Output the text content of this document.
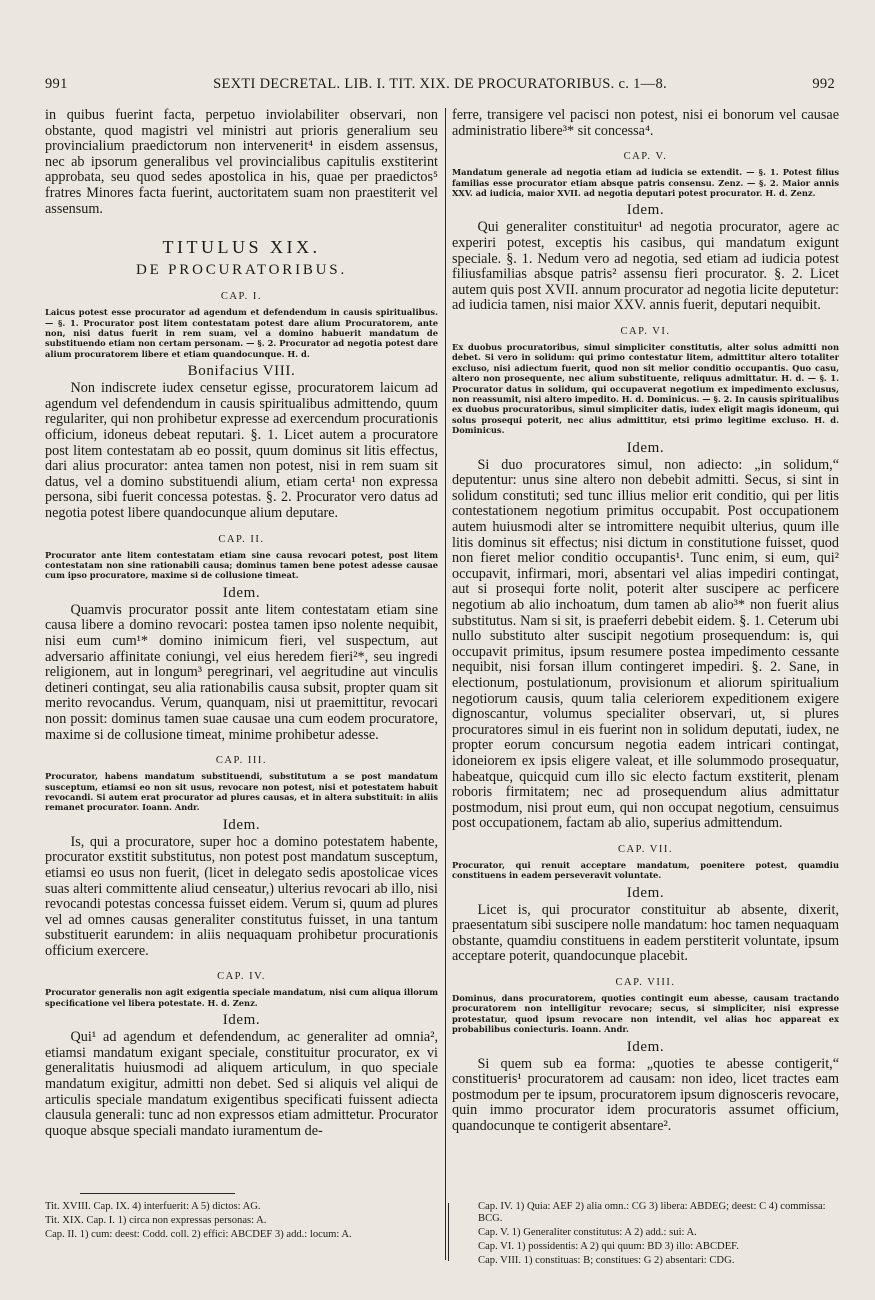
991	SEXTI DECRETAL. LIB. I. TIT. XIX. DE PROCURATORIBUS. c. 1—8.	992

in quibus fuerint facta, perpetuo inviolabiliter observari, non obstante, quod magistri vel ministri aut prioris generalium seu provincialium praedictorum non intervenerit⁴ in eisdem assensus, nec ab ipsorum generalibus vel provincialibus capitulis exstiterint approbata, seu quod sedes apostolica in his, quae per praedictos⁵ fratres Minores facta fuerint, auctoritatem suam non praestiterit vel assensum.

TITULUS XIX.
DE PROCURATORIBUS.
CAP. I.

Laicus potest esse procurator ad agendum et defendendum in causis spiritualibus. — §. 1. Procurator post litem contestatam potest dare alium Procuratorem, ante non, nisi datus fuerit in rem suam, vel a domino habuerit mandatum de substituendo etiam non certam personam. — §. 2. Procurator ad negotia potest dare alium procuratorem libere et etiam quandocunque. H. d.

Bonifacius VIII.

Non indiscrete iudex censetur egisse, procuratorem laicum ad agendum vel defendendum in causis spiritualibus admittendo, quum regulariter, qui non prohibetur expresse ad exercendum procurationis officium, idoneus debeat reputari. §. 1. Licet autem a procuratore post litem contestatam ab eo possit, quum dominus sit litis effectus, dari alius procurator: antea tamen non potest, nisi in rem suam sit datus, vel a domino substituendi alium, etiam certa¹ non expressa persona, sibi fuerit concessa potestas. §. 2. Procurator vero datus ad negotia potest libere quandocunque alium deputare.

CAP. II.

Procurator ante litem contestatam etiam sine causa revocari potest, post litem contestatam non sine rationabili causa; dominus tamen bene potest adesse causae cum ipso procuratore, maxime si de collusione timeat.

Idem.

Quamvis procurator possit ante litem contestatam etiam sine causa libere a domino revocari: postea tamen ipso nolente nequibit, nisi eum cum¹* domino inimicum fieri, vel suspectum, aut adversario affinitate coniungi, vel eius heredem fieri²*, seu ingredi religionem, aut in longum³ peregrinari, vel aegritudine aut vinculis detineri contingat, seu alia rationabilis causa subsit, propter quam sit merito revocandus. Verum, quanquam, nisi ut praemittitur, revocari non possit: dominus tamen suae causae una cum eodem procuratore, maxime si de collusione timeat, minime prohibetur adesse.

CAP. III.

Procurator, habens mandatum substituendi, substitutum a se post mandatum susceptum, etiamsi eo non sit usus, revocare non potest, nisi et potestatem habuit revocandi. Si autem erat procurator ad plures causas, et in altera substituit: in aliis remanet procurator. Ioann. Andr.

Idem.

Is, qui a procuratore, super hoc a domino potestatem habente, procurator exstitit substitutus, non potest post mandatum susceptum, etiamsi eo usus non fuerit, (licet in delegato sedis apostolicae vices suas alteri committente aliud censeatur,) ulterius revocari ab illo, nisi revocandi potestas concessa fuisset eidem. Verum si, quum ad plures vel ad omnes causas generaliter constitutus fuisset, in una tantum substituerit earundem: in aliis nequaquam prohibetur procurationis officium exercere.

CAP. IV.

Procurator generalis non agit exigentia speciale mandatum, nisi cum aliqua illorum specificatione vel libera potestate. H. d. Zenz.

Idem.

Qui¹ ad agendum et defendendum, ac generaliter ad omnia², etiamsi mandatum exigant speciale, constituitur procurator, ex vi generalitatis huiusmodi ad aliquem articulum, in quo speciale mandatum exigitur, admitti non debet. Sed si aliquis vel aliqui de articulis speciale mandatum exigentibus specificati fuissent adiecta clausula generali: tunc ad non expressos etiam admittetur. Procurator quoque absque speciali mandato iuramentum de-

ferre, transigere vel pacisci non potest, nisi ei bonorum vel causae administratio libere³* sit concessa⁴.

CAP. V.

Mandatum generale ad negotia etiam ad iudicia se extendit. — §. 1. Potest filius familias esse procurator etiam absque patris consensu. Zenz. — §. 2. Maior annis XXV. ad iudicia, maior XVII. ad negotia deputari potest procurator. H. d. Zenz.

Idem.

Qui generaliter constituitur¹ ad negotia procurator, agere ac experiri potest, exceptis his casibus, qui mandatum exigunt speciale. §. 1. Nedum vero ad negotia, sed etiam ad iudicia potest filiusfamilias absque patris² assensu fieri procurator. §. 2. Licet autem quis post XVII. annum procurator ad negotia licite deputetur: ad iudicia tamen, nisi maior XXV. annis fuerit, deputari nequibit.

CAP. VI.

Ex duobus procuratoribus, simul simpliciter constitutis, alter solus admitti non debet. Si vero in solidum: qui primo contestatur litem, admittitur altero totaliter excluso, nisi adiectum fuerit, quod non sit melior conditio occupantis. Quo casu, altero non prosequente, nec alium substituente, reliquus admittatur. H. d. — §. 1. Procurator datus in solidum, qui occupaverat negotium ex impedimento exclusus, non reassumit, nisi altero impedito. H. d. Dominicus. — §. 2. In causis spiritualibus ex duobus procuratoribus, simul simpliciter datis, iudex eligit magis idoneum, qui solus prosequi poterit, nec alius admittitur, etsi primo legitime excluso. H. d. Dominicus.

Idem.

Si duo procuratores simul, non adiecto: „in solidum,“ deputentur: unus sine altero non debebit admitti. Secus, si sint in solidum constituti; sed tunc illius melior erit conditio, qui per litis contestationem negotium primitus occupabit. Post occupationem autem huiusmodi alter se intromittere nequibit ulterius, quum ille litis dominus sit effectus; nisi dictum in constitutione fuisset, quod non fieret melior conditio occupantis¹. Tunc enim, si eum, qui² occupavit, infirmari, mori, absentari vel alias impediri contingat, aut si prosequi forte nolit, poterit alter suscipere ac perficere negotium ab alio inchoatum, dum tamen ab alio³* non fuerit alius substitutus. Nam si sit, is praeferri debebit eidem. §. 1. Ceterum ubi nullo substituto alter suscipit negotium prosequendum: is, qui occupavit primitus, ipsum resumere postea impedimento cessante nequibit, nisi forsan illum contingeret impediri. §. 2. Sane, in electionum, postulationum, provisionum et aliorum spiritualium negotiorum causis, quum talia celeriorem expeditionem exigere dignoscantur, volumus specialiter observari, ut, si plures procuratores simul in eis fuerint non in solidum deputati, iudex, ne propter eorum concursum negotia eadem intricari contingat, idoneiorem ex ipsis eligere valeat, et ille solummodo prosequatur, habeatque, quicquid cum illo sic electo factum exstiterit, plenam roboris firmitatem; nec ad prosequendum alius admittatur postmodum, nisi prout eum, qui non occupat negotium, censuimus post occupationem, factam ab alio, superius admittendum.

CAP. VII.

Procurator, qui renuit acceptare mandatum, poenitere potest, quamdiu constituens in eadem perseveravit voluntate.

Idem.

Licet is, qui procurator constituitur ab absente, dixerit, praesentatum sibi suscipere nolle mandatum: hoc tamen nequaquam obstante, quamdiu constituens in eadem perstiterit voluntate, ipsum acceptare poterit, quandocunque placebit.

CAP. VIII.

Dominus, dans procuratorem, quoties contingit eum abesse, causam tractando procuratorem non intelligitur revocare; secus, si simpliciter, nisi expresse protestatur, quod ipsum revocare non intendit, vel alias hoc appareat ex probabilibus coniecturis. Ioann. Andr.

Idem.

Si quem sub ea forma: „quoties te abesse contigerit,“ constitueris¹ procuratorem ad causam: non ideo, licet tractes eam postmodum per te ipsum, procuratorem ipsum dignosceris revocare, quin immo procurator idem procuratoris assumet officium, quandocunque te contigerit absentare².

Tit. XVIII. Cap. IX. 4) interfuerit: A 5) dictos: AG.

Tit. XIX. Cap. I. 1) circa non expressas personas: A.

Cap. II. 1) cum: deest: Codd. coll. 2) effici: ABCDEF 3) add.: locum: A.

Cap. IV. 1) Quia: AEF 2) alia omn.: CG 3) libera: ABDEG; deest: C 4) commissa: BCG.

Cap. V. 1) Generaliter constitutus: A 2) add.: sui: A.

Cap. VI. 1) possidentis: A 2) qui quum: BD 3) illo: ABCDEF.

Cap. VIII. 1) constituas: B; constitues: G 2) absentari: CDG.
